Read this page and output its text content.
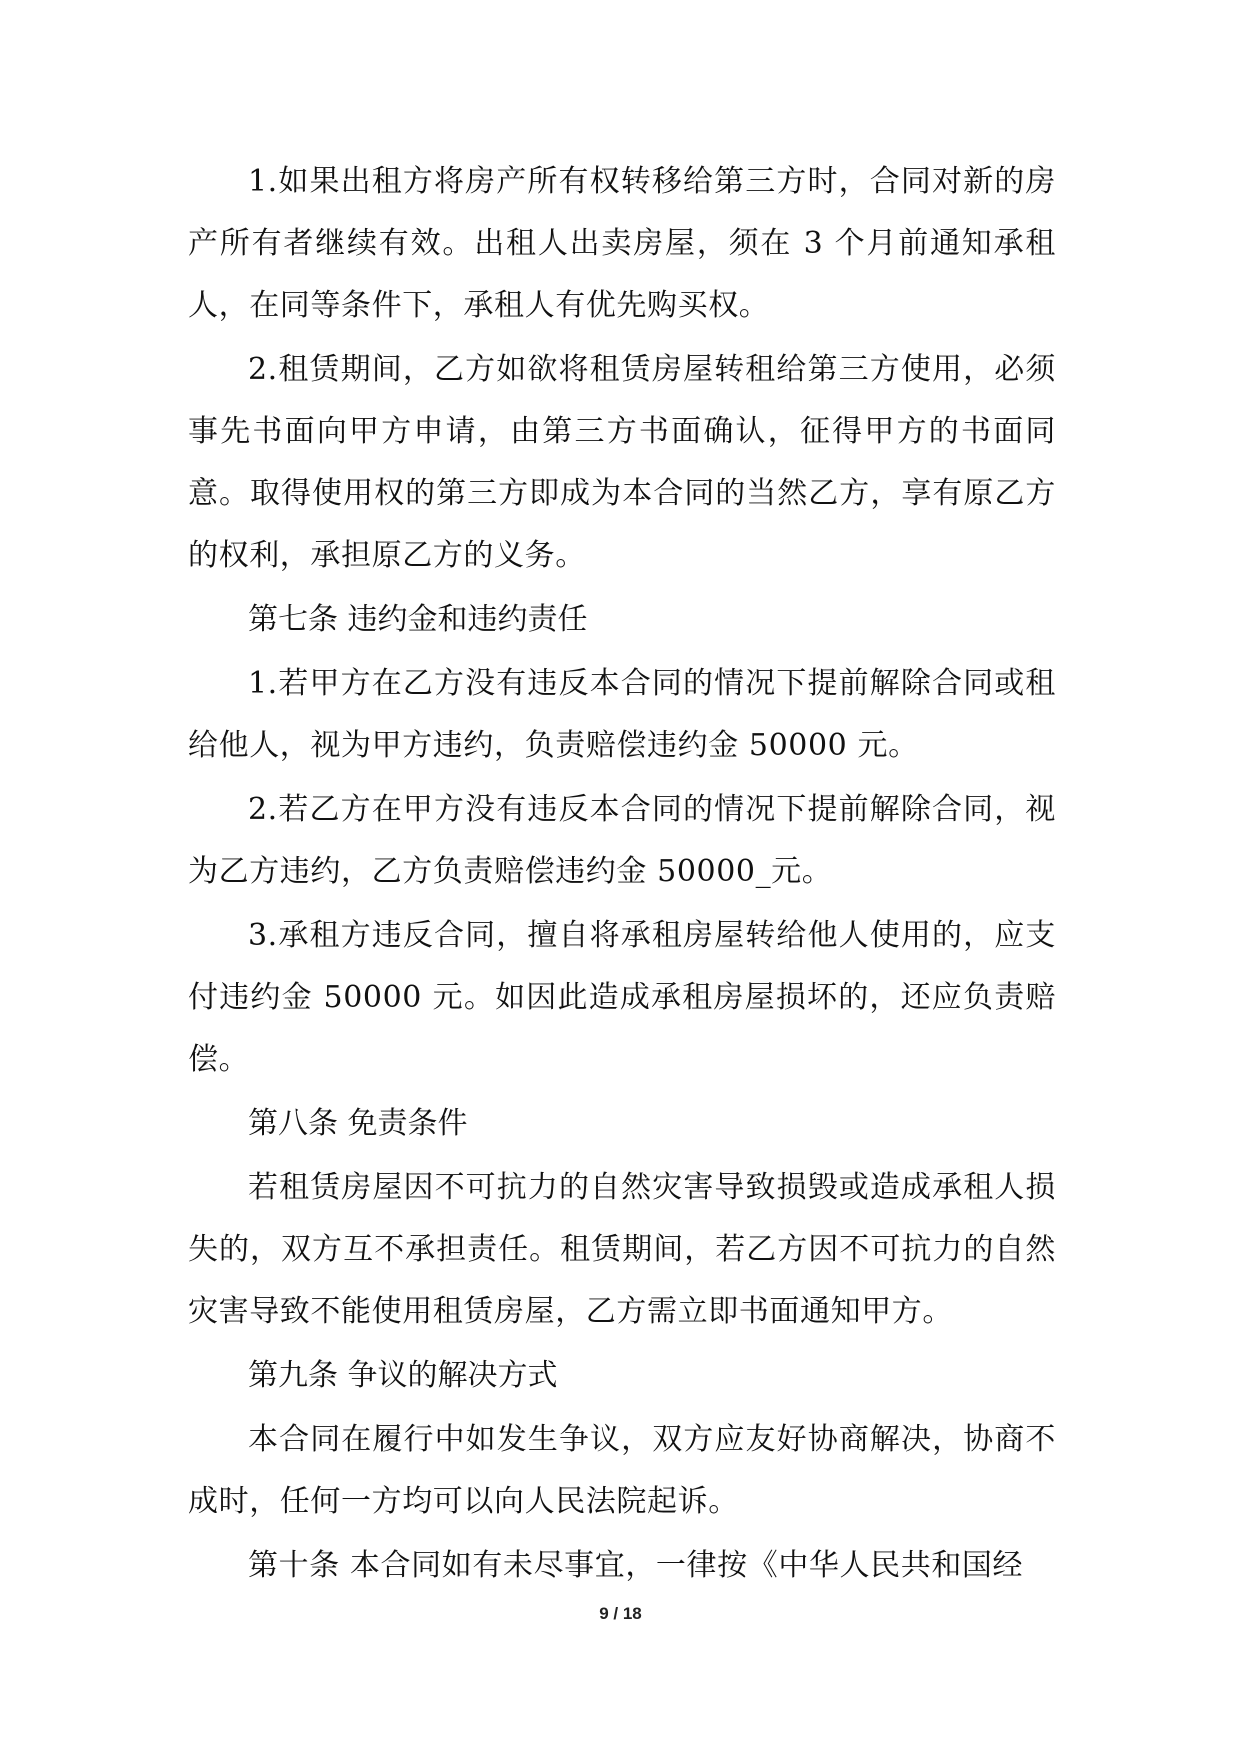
1.如果出租方将房产所有权转移给第三方时，合同对新的房产所有者继续有效。出租人出卖房屋，须在 3 个月前通知承租人，在同等条件下，承租人有优先购买权。

2.租赁期间，乙方如欲将租赁房屋转租给第三方使用，必须事先书面向甲方申请，由第三方书面确认，征得甲方的书面同意。取得使用权的第三方即成为本合同的当然乙方，享有原乙方的权利，承担原乙方的义务。

第七条 违约金和违约责任

1.若甲方在乙方没有违反本合同的情况下提前解除合同或租给他人，视为甲方违约，负责赔偿违约金 50000 元。

2.若乙方在甲方没有违反本合同的情况下提前解除合同，视为乙方违约，乙方负责赔偿违约金 50000_元。

3.承租方违反合同，擅自将承租房屋转给他人使用的，应支付违约金 50000 元。如因此造成承租房屋损坏的，还应负责赔偿。

第八条 免责条件

若租赁房屋因不可抗力的自然灾害导致损毁或造成承租人损失的，双方互不承担责任。租赁期间，若乙方因不可抗力的自然灾害导致不能使用租赁房屋，乙方需立即书面通知甲方。

第九条 争议的解决方式

本合同在履行中如发生争议，双方应友好协商解决，协商不成时，任何一方均可以向人民法院起诉。

第十条 本合同如有未尽事宜，一律按《中华人民共和国经

9 / 18
